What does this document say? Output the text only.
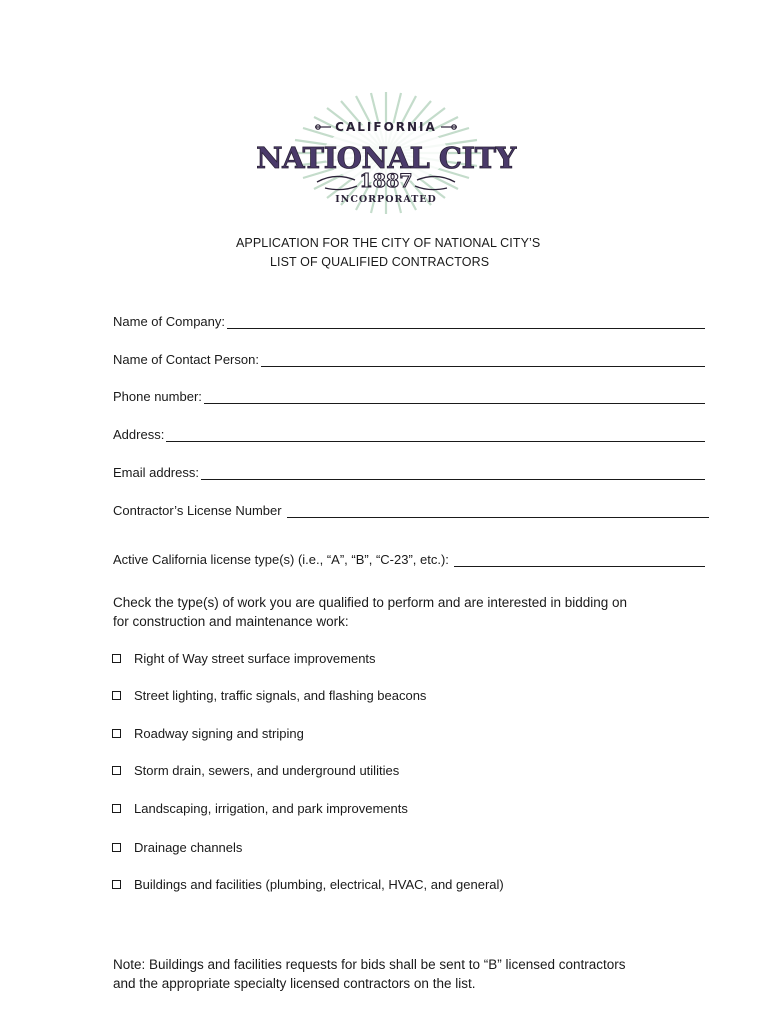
CALIFORNIA
NATIONAL CITY
1887
INCORPORATED
APPLICATION FOR THE CITY OF NATIONAL CITY’S
LIST OF QUALIFIED CONTRACTORS
Name of Company:
Name of Contact Person:
Phone number:
Address:
Email address:
Contractor’s License Number
Active California license type(s) (i.e., “A”, “B”, “C-23”, etc.):
Check the type(s) of work you are qualified to perform and are interested in bidding on
for construction and maintenance work:
Right of Way street surface improvements
Street lighting, traffic signals, and flashing beacons
Roadway signing and striping
Storm drain, sewers, and underground utilities
Landscaping, irrigation, and park improvements
Drainage channels
Buildings and facilities (plumbing, electrical, HVAC, and general)
Note: Buildings and facilities requests for bids shall be sent to “B” licensed contractors
and the appropriate specialty licensed contractors on the list.
